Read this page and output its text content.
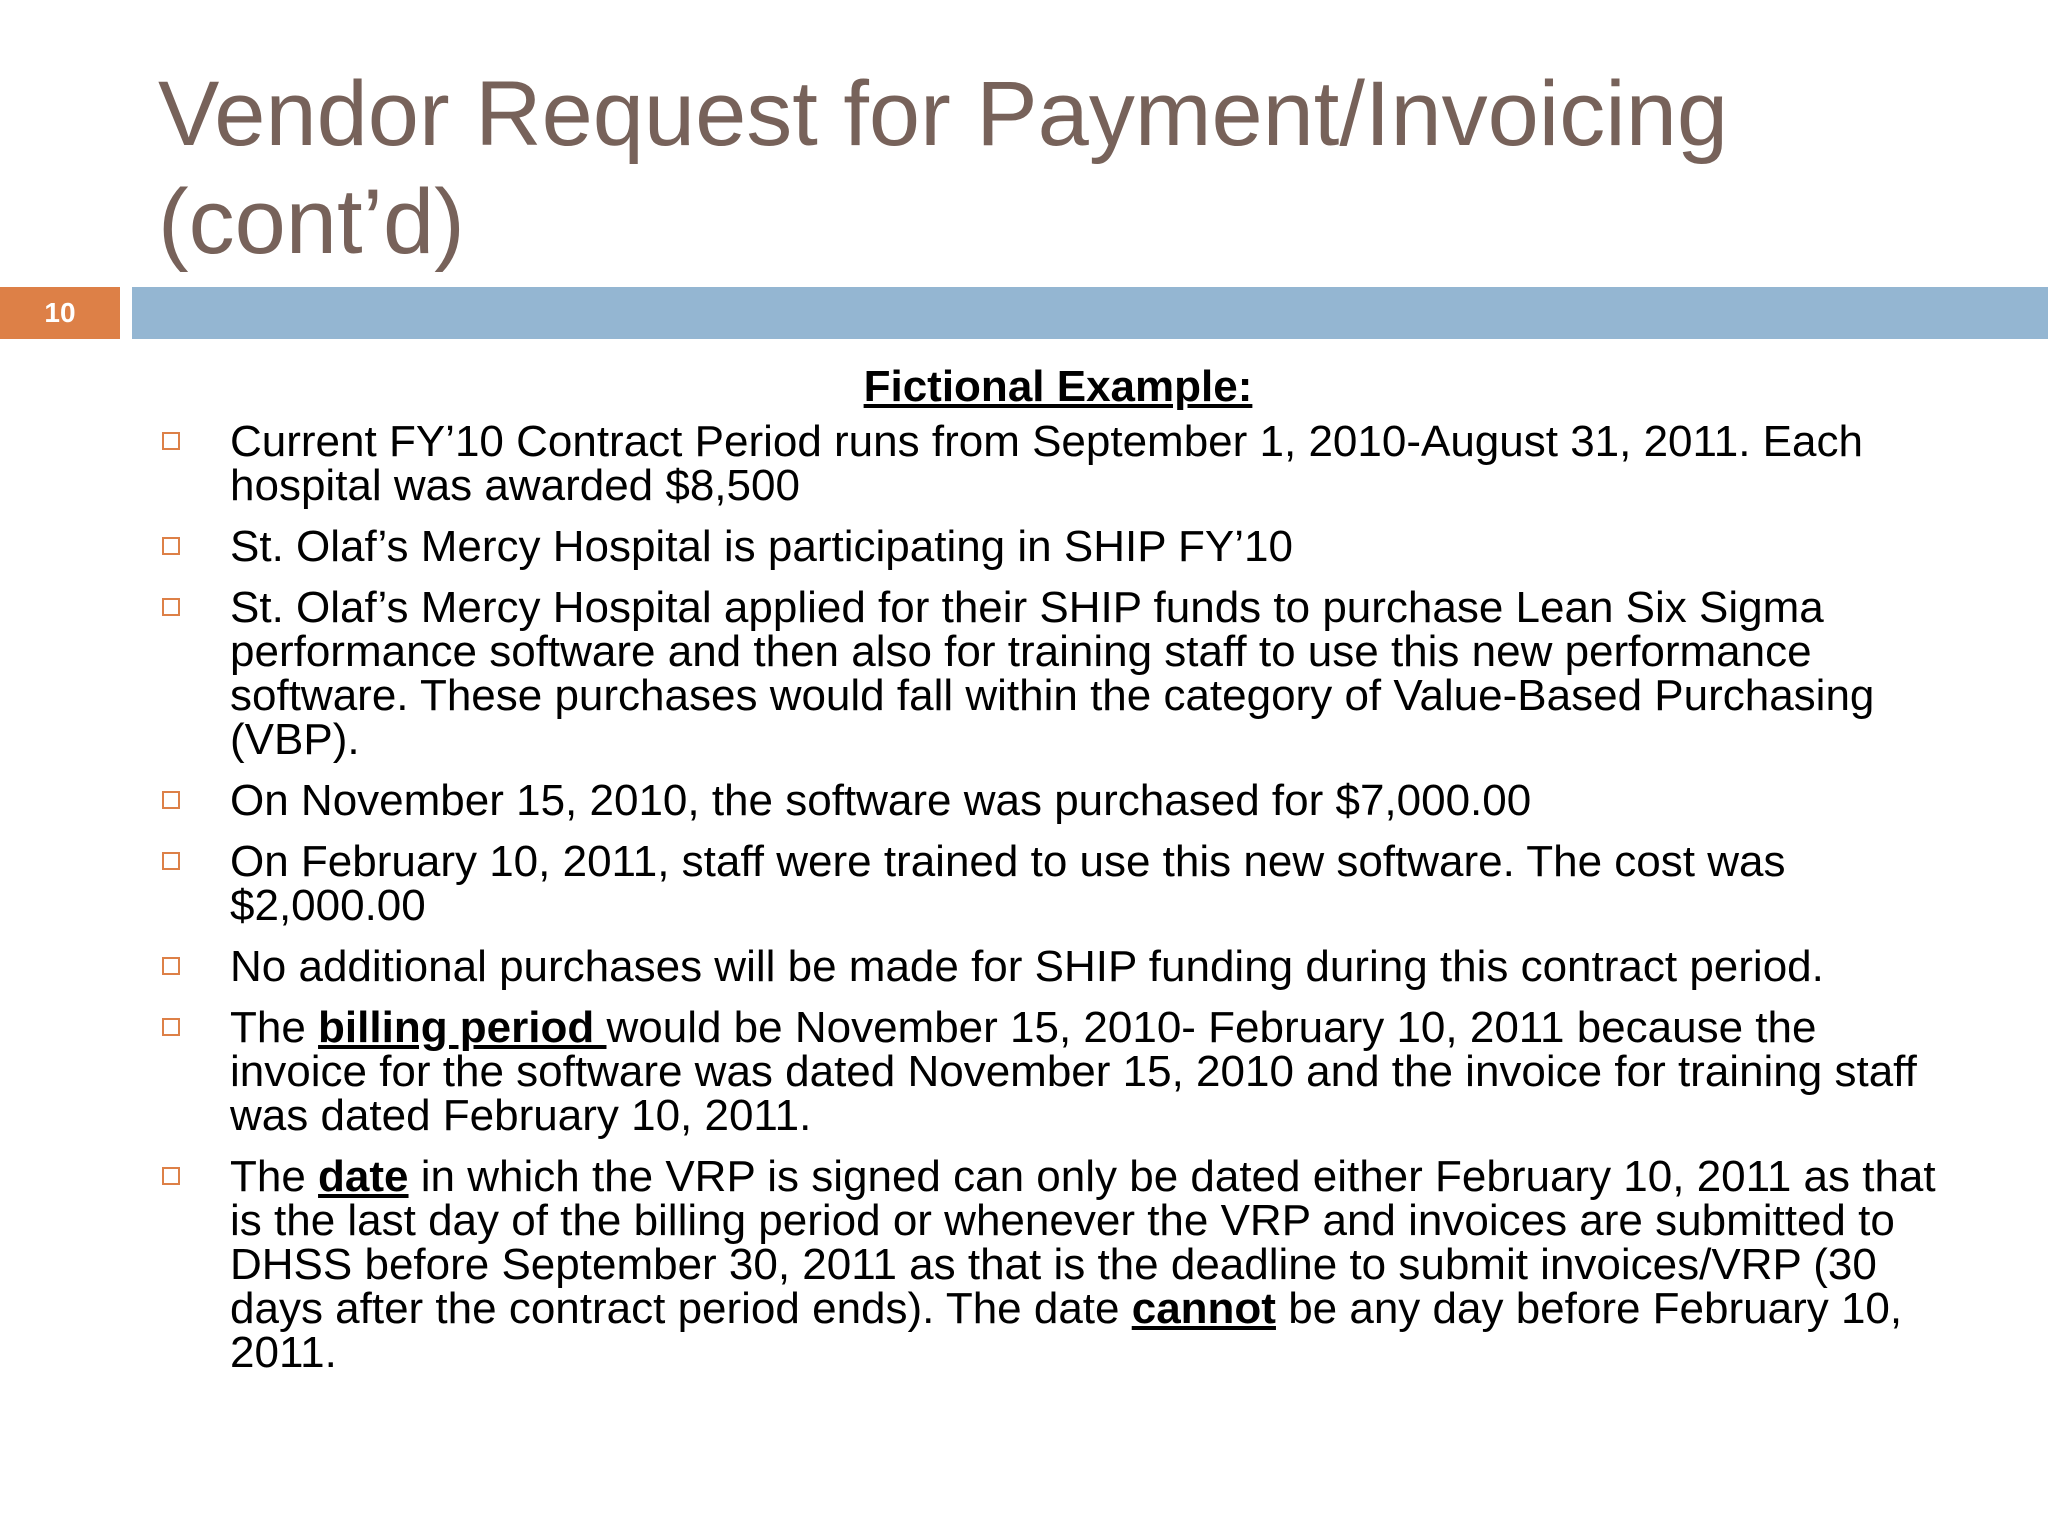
Vendor Request for Payment/Invoicing
(cont’d)
10
Fictional Example:
Current FY’10 Contract Period runs from September 1, 2010-August 31, 2011. Each hospital was awarded $8,500
St. Olaf’s Mercy Hospital is participating in SHIP FY’10
St. Olaf’s Mercy Hospital applied for their SHIP funds to purchase Lean Six Sigma performance software and then also for training staff to use this new performance software. These purchases would fall within the category of Value-Based Purchasing (VBP).
On November 15, 2010, the software was purchased for $7,000.00
On February 10, 2011, staff were trained to use this new software. The cost was $2,000.00
No additional purchases will be made for SHIP funding during this contract period.
The billing period would be November 15, 2010- February 10, 2011 because the invoice for the software was dated November 15, 2010 and the invoice for training staff was dated February 10, 2011.
The date in which the VRP is signed can only be dated either February 10, 2011 as that is the last day of the billing period or whenever the VRP and invoices are submitted to DHSS before September 30, 2011 as that is the deadline to submit invoices/VRP (30 days after the contract period ends). The date cannot be any day before February 10, 2011.
